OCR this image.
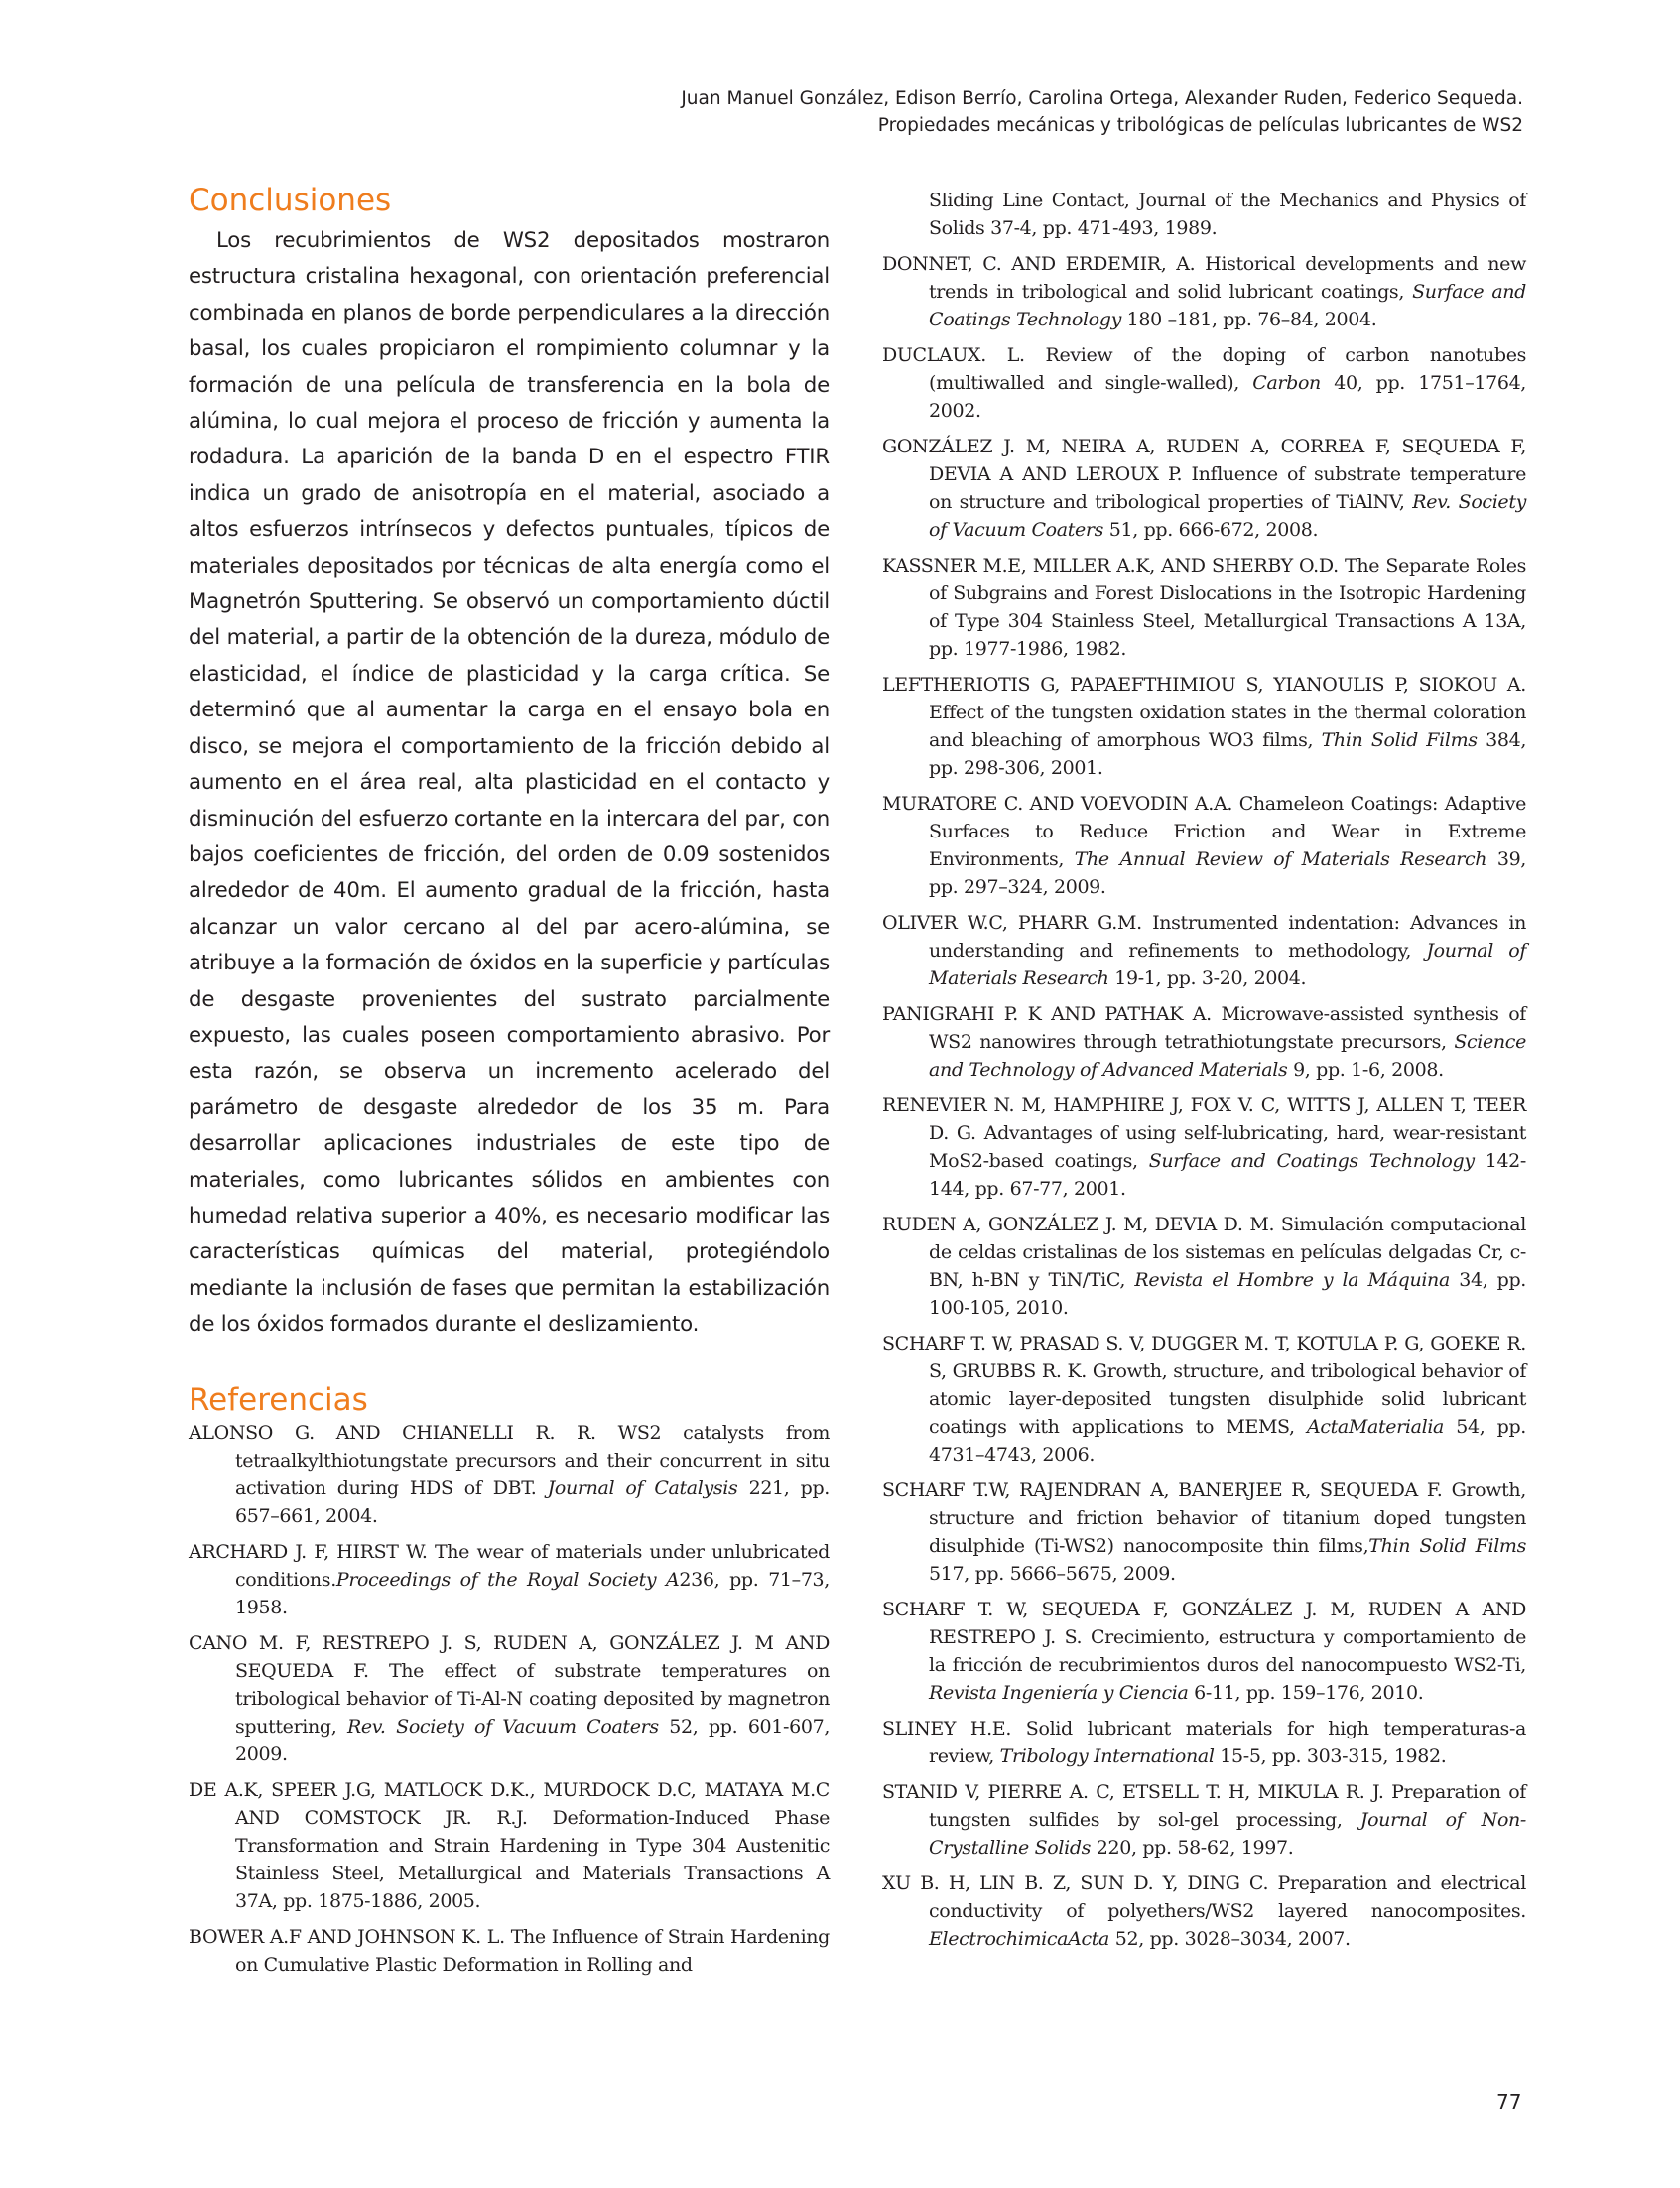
Juan Manuel González, Edison Berrío, Carolina Ortega, Alexander Ruden, Federico Sequeda.
Propiedades mecánicas y tribológicas de películas lubricantes de WS2
Conclusiones

Los recubrimientos de WS2 depositados mostraron estructura cristalina hexagonal, con orientación preferencial combinada en planos de borde perpendiculares a la dirección basal, los cuales propiciaron el rompimiento columnar y la formación de una película de transferencia en la bola de alúmina, lo cual mejora el proceso de fricción y aumenta la rodadura. La aparición de la banda D en el espectro FTIR indica un grado de anisotropía en el material, asociado a altos esfuerzos intrínsecos y defectos puntuales, típicos de materiales depositados por técnicas de alta energía como el Magnetrón Sputtering. Se observó un comportamiento dúctil del material, a partir de la obtención de la dureza, módulo de elasticidad, el índice de plasticidad y la carga crítica. Se determinó que al aumentar la carga en el ensayo bola en disco, se mejora el comportamiento de la fricción debido al aumento en el área real, alta plasticidad en el contacto y disminución del esfuerzo cortante en la intercara del par, con bajos coeficientes de fricción, del orden de 0.09 sostenidos alrededor de 40m. El aumento gradual de la fricción, hasta alcanzar un valor cercano al del par acero-alúmina, se atribuye a la formación de óxidos en la superficie y partículas de desgaste provenientes del sustrato parcialmente expuesto, las cuales poseen comportamiento abrasivo. Por esta razón, se observa un incremento acelerado del parámetro de desgaste alrededor de los 35 m. Para desarrollar aplicaciones industriales de este tipo de materiales, como lubricantes sólidos en ambientes con humedad relativa superior a 40%, es necesario modificar las características químicas del material, protegiéndolo mediante la inclusión de fases que permitan la estabilización de los óxidos formados durante el deslizamiento.

Referencias

ALONSO G. AND CHIANELLI R. R. WS2 catalysts from tetraalkylthiotungstate precursors and their concurrent in situ activation during HDS of DBT. Journal of Catalysis 221, pp. 657–661, 2004.

ARCHARD J. F, HIRST W. The wear of materials under unlubricated conditions.Proceedings of the Royal Society A236, pp. 71–73, 1958.

CANO M. F, RESTREPO J. S, RUDEN A, GONZÁLEZ J. M AND SEQUEDA F. The effect of substrate temperatures on tribological behavior of Ti-Al-N coating deposited by magnetron sputtering, Rev. Society of Vacuum Coaters 52, pp. 601-607, 2009.

DE A.K, SPEER J.G, MATLOCK D.K., MURDOCK D.C, MATAYA M.C AND COMSTOCK JR. R.J. Deformation-Induced Phase Transformation and Strain Hardening in Type 304 Austenitic Stainless Steel, Metallurgical and Materials Transactions A 37A, pp. 1875-1886, 2005.

BOWER A.F AND JOHNSON K. L. The Influence of Strain Hardening on Cumulative Plastic Deformation in Rolling and

Sliding Line Contact, Journal of the Mechanics and Physics of Solids 37-4, pp. 471-493, 1989.

DONNET, C. AND ERDEMIR, A. Historical developments and new trends in tribological and solid lubricant coatings, Surface and Coatings Technology 180 –181, pp. 76–84, 2004.

DUCLAUX. L. Review of the doping of carbon nanotubes (multiwalled and single-walled), Carbon 40, pp. 1751–1764, 2002.

GONZÁLEZ J. M, NEIRA A, RUDEN A, CORREA F, SEQUEDA F, DEVIA A AND LEROUX P. Influence of substrate temperature on structure and tribological properties of TiAlNV, Rev. Society of Vacuum Coaters 51, pp. 666-672, 2008.

KASSNER M.E, MILLER A.K, AND SHERBY O.D. The Separate Roles of Subgrains and Forest Dislocations in the Isotropic Hardening of Type 304 Stainless Steel, Metallurgical Transactions A 13A, pp. 1977-1986, 1982.

LEFTHERIOTIS G, PAPAEFTHIMIOU S, YIANOULIS P, SIOKOU A. Effect of the tungsten oxidation states in the thermal coloration and bleaching of amorphous WO3 films, Thin Solid Films 384, pp. 298-306, 2001.

MURATORE C. AND VOEVODIN A.A. Chameleon Coatings: Adaptive Surfaces to Reduce Friction and Wear in Extreme Environments, The Annual Review of Materials Research 39, pp. 297–324, 2009.

OLIVER W.C, PHARR G.M. Instrumented indentation: Advances in understanding and refinements to methodology, Journal of Materials Research 19-1, pp. 3-20, 2004.

PANIGRAHI P. K AND PATHAK A. Microwave-assisted synthesis of WS2 nanowires through tetrathiotungstate precursors, Science and Technology of Advanced Materials 9, pp. 1-6, 2008.

RENEVIER N. M, HAMPHIRE J, FOX V. C, WITTS J, ALLEN T, TEER D. G. Advantages of using self-lubricating, hard, wear-resistant MoS2-based coatings, Surface and Coatings Technology 142-144, pp. 67-77, 2001.

RUDEN A, GONZÁLEZ J. M, DEVIA D. M. Simulación computacional de celdas cristalinas de los sistemas en películas delgadas Cr, c-BN, h-BN y TiN/TiC, Revista el Hombre y la Máquina 34, pp. 100-105, 2010.

SCHARF T. W, PRASAD S. V, DUGGER M. T, KOTULA P. G, GOEKE R. S, GRUBBS R. K. Growth, structure, and tribological behavior of atomic layer-deposited tungsten disulphide solid lubricant coatings with applications to MEMS, ActaMaterialia 54, pp. 4731–4743, 2006.

SCHARF T.W, RAJENDRAN A, BANERJEE R, SEQUEDA F. Growth, structure and friction behavior of titanium doped tungsten disulphide (Ti-WS2) nanocomposite thin films,Thin Solid Films 517, pp. 5666–5675, 2009.

SCHARF T. W, SEQUEDA F, GONZÁLEZ J. M, RUDEN A AND RESTREPO J. S. Crecimiento, estructura y comportamiento de la fricción de recubrimientos duros del nanocompuesto WS2-Ti, Revista Ingeniería y Ciencia 6-11, pp. 159–176, 2010.

SLINEY H.E. Solid lubricant materials for high temperaturas-a review, Tribology International 15-5, pp. 303-315, 1982.

STANID V, PIERRE A. C, ETSELL T. H, MIKULA R. J. Preparation of tungsten sulfides by sol-gel processing, Journal of Non-Crystalline Solids 220, pp. 58-62, 1997.

XU B. H, LIN B. Z, SUN D. Y, DING C. Preparation and electrical conductivity of polyethers/WS2 layered nanocomposites. ElectrochimicaActa 52, pp. 3028–3034, 2007.

77
